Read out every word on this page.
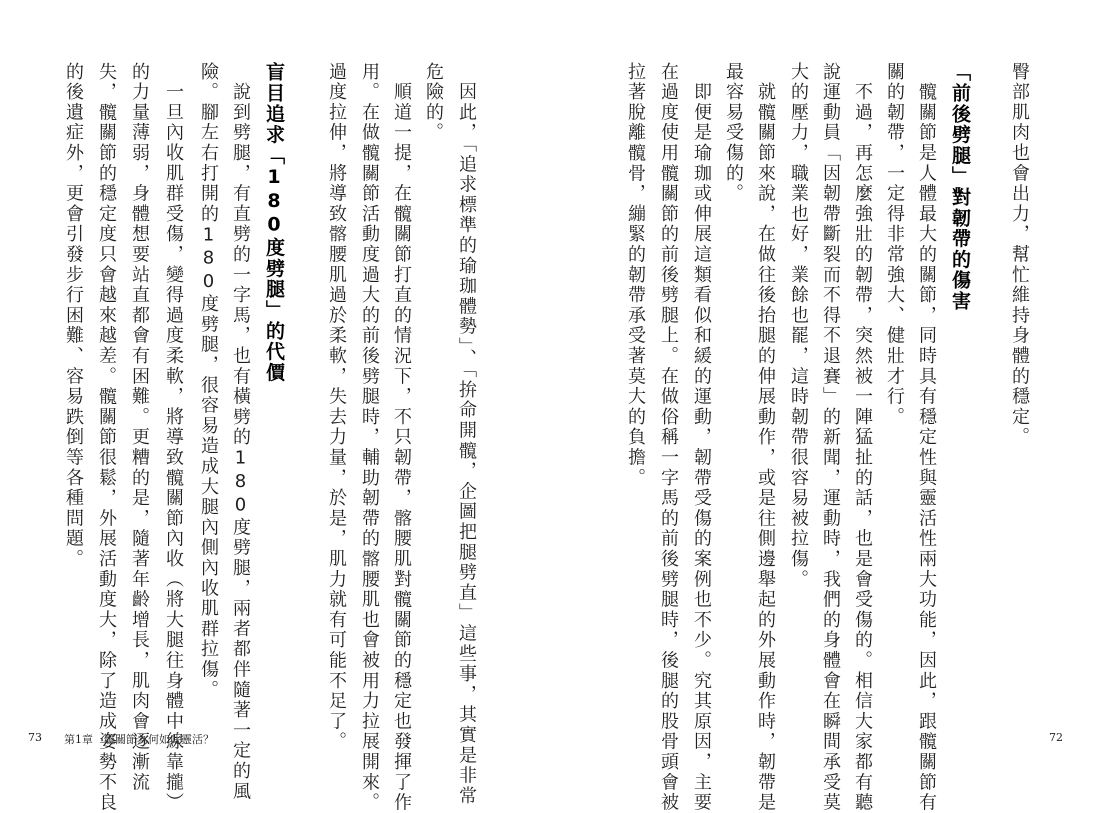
臀部肌肉也會出力，幫忙維持身體的穩定。
「前後劈腿」對韌帶的傷害
　髖關節是人體最大的關節，同時具有穩定性與靈活性兩大功能，因此，跟髖關節有
關的韌帶，一定得非常強大、健壯才行。
　不過，再怎麼強壯的韌帶，突然被一陣猛扯的話，也是會受傷的。相信大家都有聽
說運動員「因韌帶斷裂而不得不退賽」的新聞，運動時，我們的身體會在瞬間承受莫
大的壓力，職業也好，業餘也罷，這時韌帶很容易被拉傷。
　就髖關節來說，在做往後抬腿的伸展動作，或是往側邊舉起的外展動作時，韌帶是
最容易受傷的。
　即便是瑜珈或伸展這類看似和緩的運動，韌帶受傷的案例也不少。究其原因，主要
在過度使用髖關節的前後劈腿上。在做俗稱一字馬的前後劈腿時，後腿的股骨頭會被
拉著脫離髖骨，繃緊的韌帶承受著莫大的負擔。
　因此，「追求標準的瑜珈體勢」、「拚命開髖，企圖把腿劈直」這些事，其實是非常
危險的。
　順道一提，在髖關節打直的情況下，不只韌帶，髂腰肌對髖關節的穩定也發揮了作
用。在做髖關節活動度過大的前後劈腿時，輔助韌帶的髂腰肌也會被用力拉展開來。
過度拉伸，將導致髂腰肌過於柔軟，失去力量，於是，肌力就有可能不足了。
盲目追求「180度劈腿」的代價
　說到劈腿，有直劈的一字馬，也有橫劈的180度劈腿，兩者都伴隨著一定的風
險。腳左右打開的180度劈腿，很容易造成大腿內側內收肌群拉傷。
　一旦內收肌群受傷，變得過度柔軟，將導致髖關節內收（將大腿往身體中線靠攏）
的力量薄弱，身體想要站直都會有困難。更糟的是，隨著年齡增長，肌肉會逐漸流
失，髖關節的穩定度只會越來越差。髖關節很鬆，外展活動度大，除了造成姿勢不良
的後遺症外，更會引發步行困難、容易跌倒等各種問題。
73 第1章　髖關節為何如此靈活？	72
